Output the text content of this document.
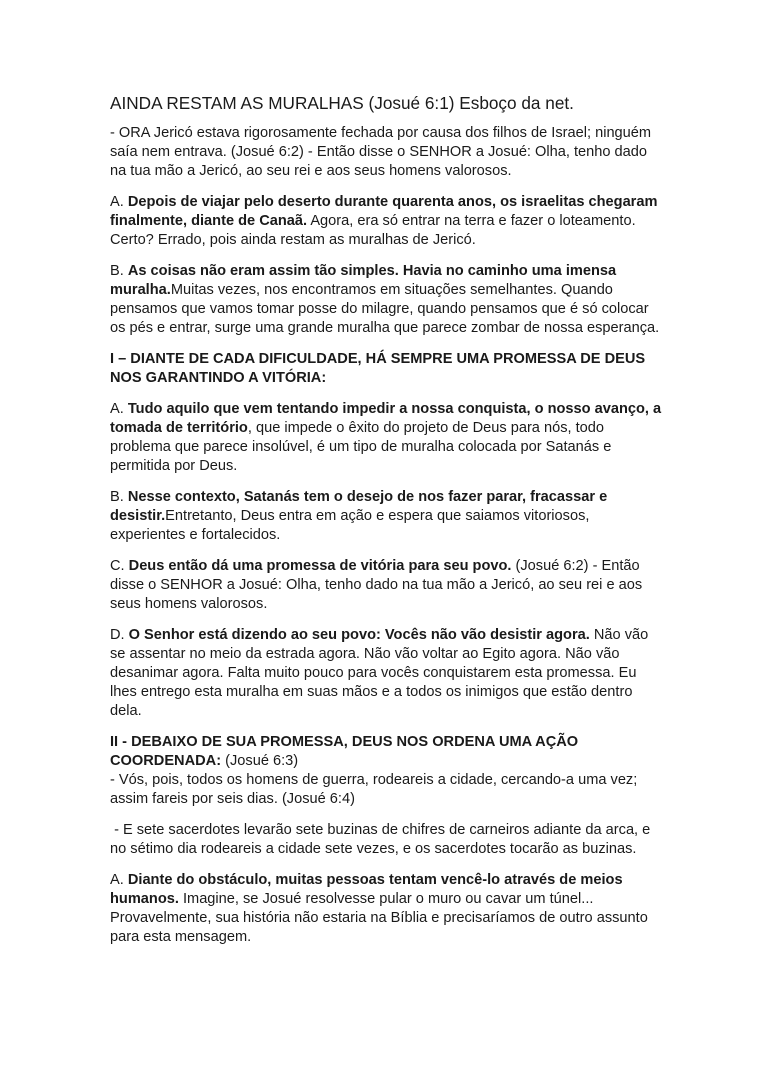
AINDA RESTAM AS MURALHAS (Josué 6:1) Esboço da net.

- ORA Jericó estava rigorosamente fechada por causa dos filhos de Israel; ninguém saía nem entrava. (Josué 6:2) - Então disse o SENHOR a Josué: Olha, tenho dado na tua mão a Jericó, ao seu rei e aos seus homens valorosos.

A. Depois de viajar pelo deserto durante quarenta anos, os israelitas chegaram finalmente, diante de Canaã. Agora, era só entrar na terra e fazer o loteamento. Certo? Errado, pois ainda restam as muralhas de Jericó.

B. As coisas não eram assim tão simples. Havia no caminho uma imensa muralha.Muitas vezes, nos encontramos em situações semelhantes. Quando pensamos que vamos tomar posse do milagre, quando pensamos que é só colocar os pés e entrar, surge uma grande muralha que parece zombar de nossa esperança.

I – DIANTE DE CADA DIFICULDADE, HÁ SEMPRE UMA PROMESSA DE DEUS NOS GARANTINDO A VITÓRIA:

A. Tudo aquilo que vem tentando impedir a nossa conquista, o nosso avanço, a tomada de território, que impede o êxito do projeto de Deus para nós, todo problema que parece insolúvel, é um tipo de muralha colocada por Satanás e permitida por Deus.

B. Nesse contexto, Satanás tem o desejo de nos fazer parar, fracassar e desistir.Entretanto, Deus entra em ação e espera que saiamos vitoriosos, experientes e fortalecidos.

C. Deus então dá uma promessa de vitória para seu povo. (Josué 6:2) - Então disse o SENHOR a Josué: Olha, tenho dado na tua mão a Jericó, ao seu rei e aos seus homens valorosos.

D. O Senhor está dizendo ao seu povo: Vocês não vão desistir agora. Não vão se assentar no meio da estrada agora. Não vão voltar ao Egito agora. Não vão desanimar agora. Falta muito pouco para vocês conquistarem esta promessa. Eu lhes entrego esta muralha em suas mãos e a todos os inimigos que estão dentro dela.

II - DEBAIXO DE SUA PROMESSA, DEUS NOS ORDENA UMA AÇÃO COORDENADA: (Josué 6:3)
- Vós, pois, todos os homens de guerra, rodeareis a cidade, cercando-a uma vez; assim fareis por seis dias. (Josué 6:4)

- E sete sacerdotes levarão sete buzinas de chifres de carneiros adiante da arca, e no sétimo dia rodeareis a cidade sete vezes, e os sacerdotes tocarão as buzinas.

A. Diante do obstáculo, muitas pessoas tentam vencê-lo através de meios humanos. Imagine, se Josué resolvesse pular o muro ou cavar um túnel... Provavelmente, sua história não estaria na Bíblia e precisaríamos de outro assunto para esta mensagem.
